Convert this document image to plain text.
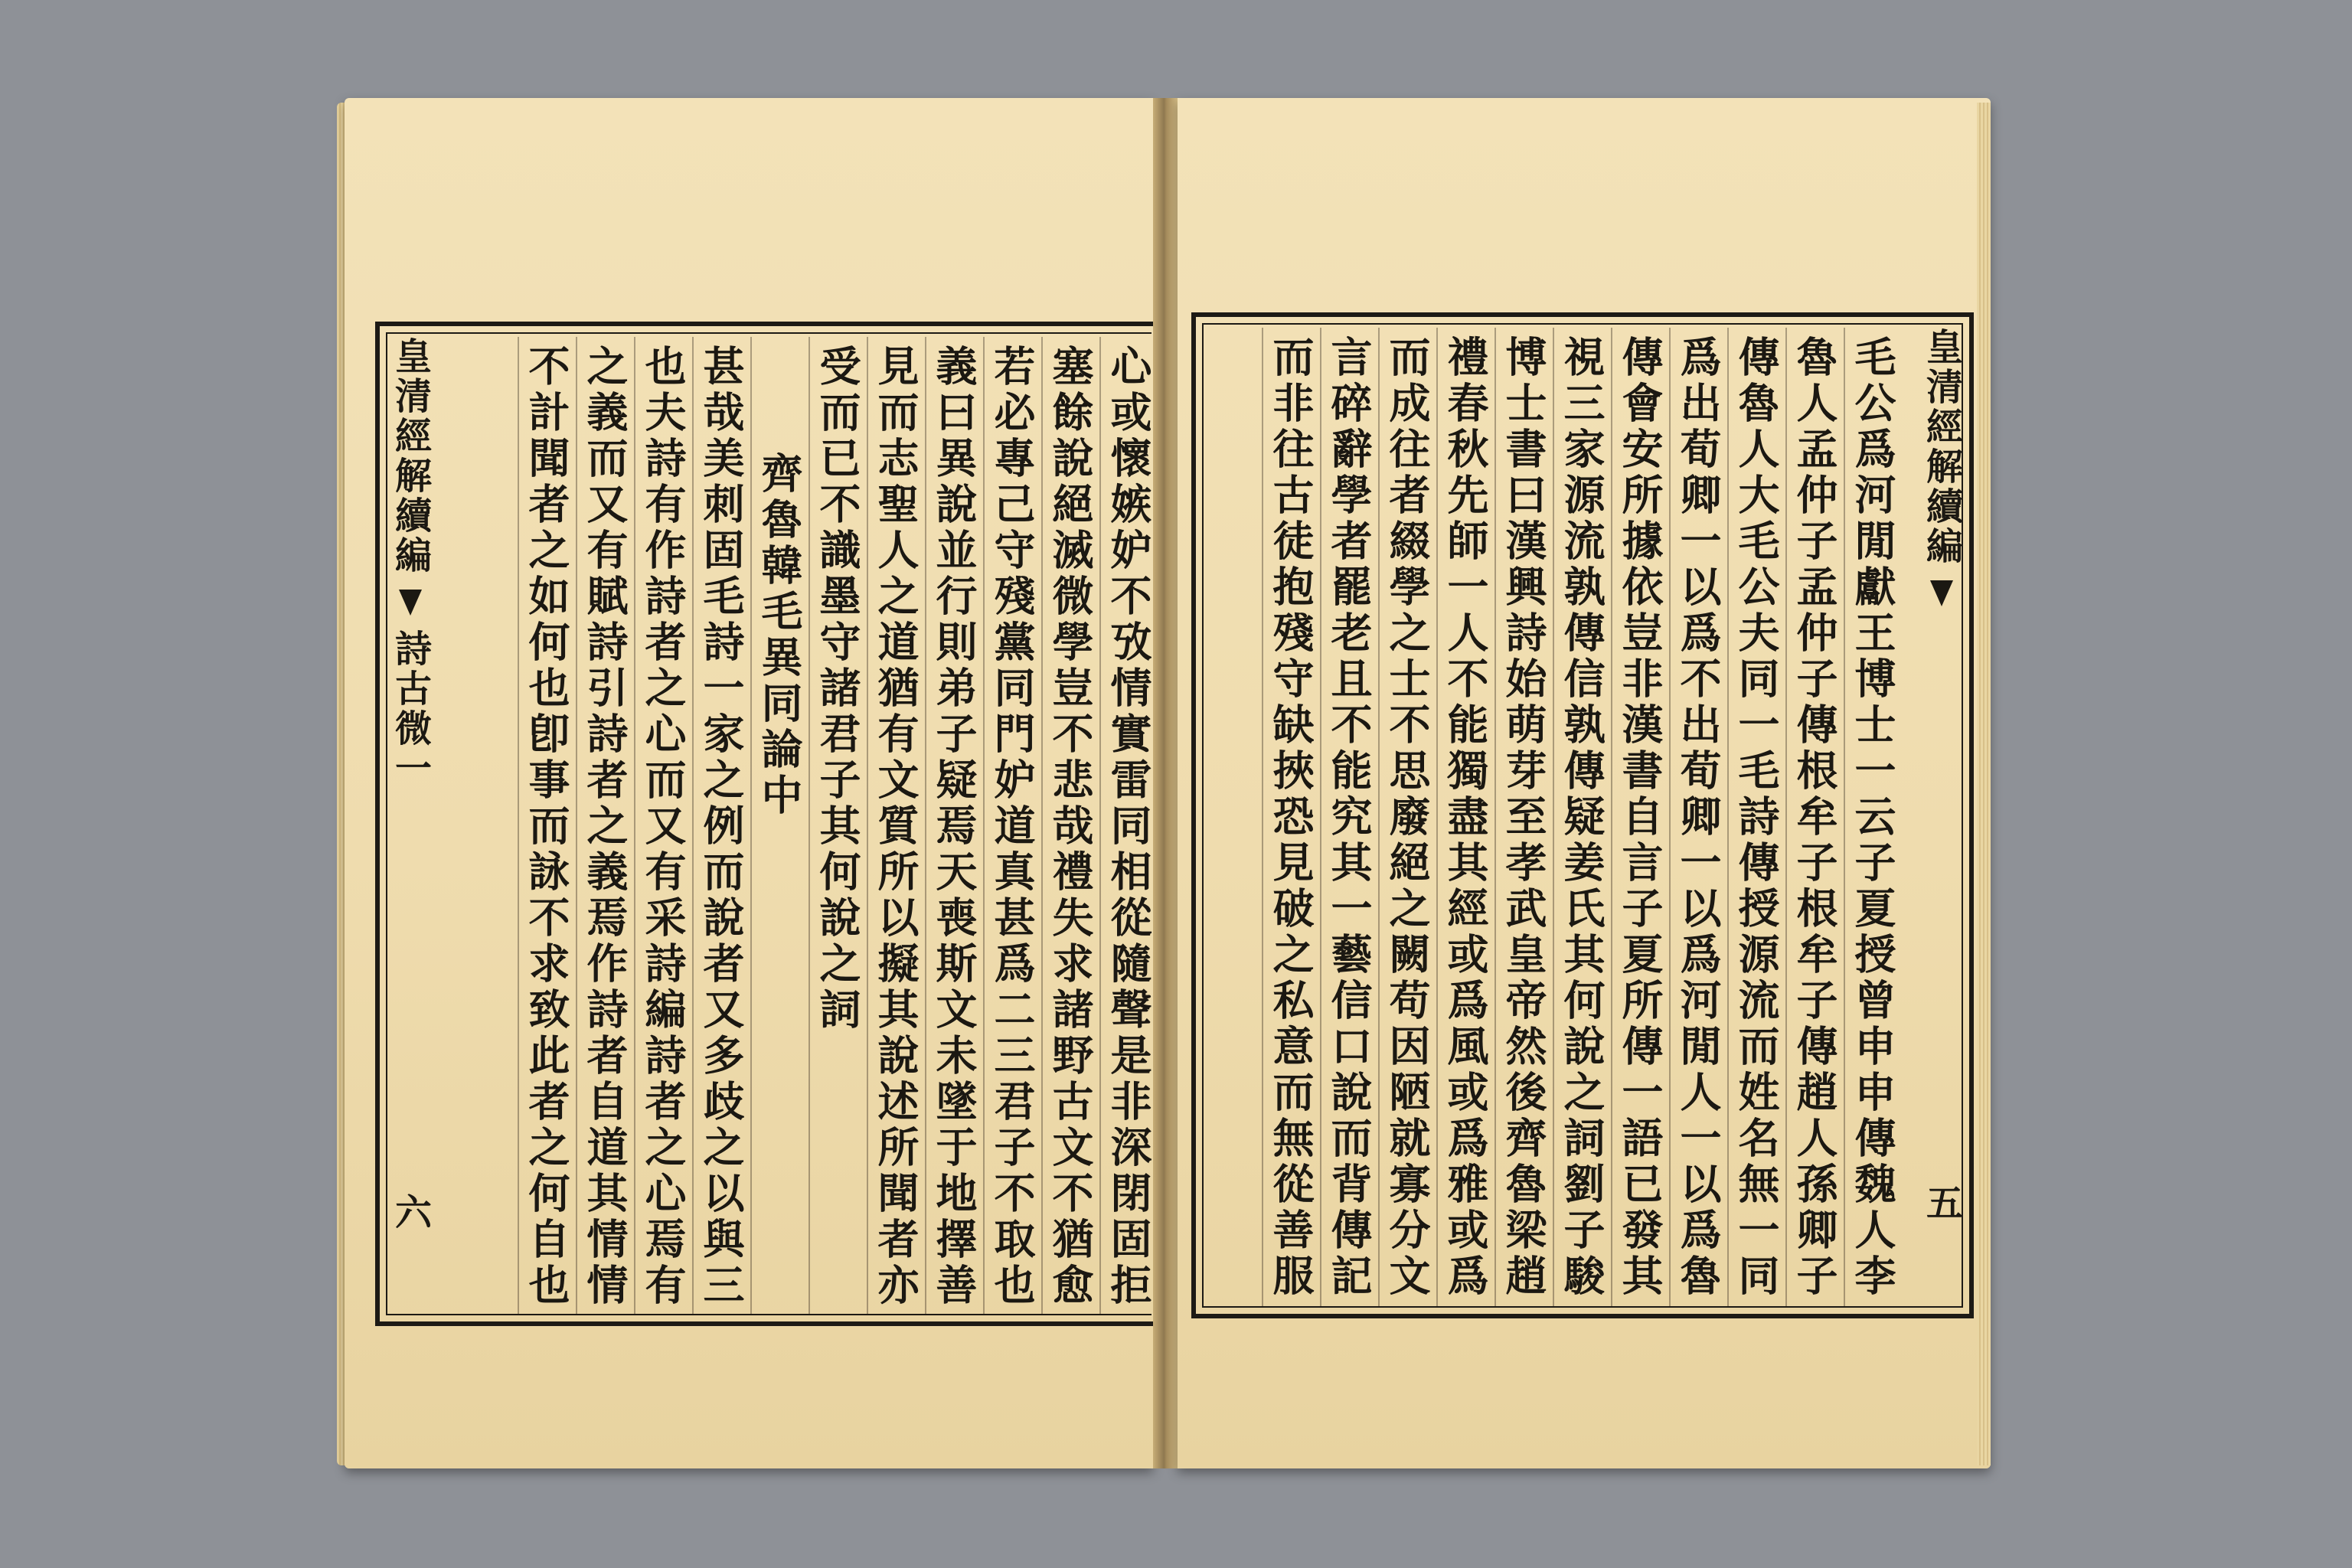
皇清經解續編
詩古微一
六
心或懷嫉妒不攷情實雷同相從隨聲是非深閉固拒
塞餘說絕滅微學豈不悲哉禮失求諸野古文不猶愈
若必專己守殘黨同門妒道真甚爲二三君子不取也
義曰異說並行則弟子疑焉天喪斯文未墜于地擇善
見而志聖人之道猶有文質所以擬其說述所聞者亦
受而已不識墨守諸君子其何說之詞
齊魯韓毛異同論中
甚哉美刺固毛詩一家之例而說者又多歧之以與三
也夫詩有作詩者之心而又有采詩編詩者之心焉有
之義而又有賦詩引詩者之義焉作詩者自道其情情
不計聞者之如何也卽事而詠不求致此者之何自也
毛公爲河閒獻王博士一云子夏授曾申申傳魏人李
魯人孟仲子孟仲子傳根牟子根牟子傳趙人孫卿子
傳魯人大毛公夫同一毛詩傳授源流而姓名無一同
爲出荀卿一以爲不出荀卿一以爲河閒人一以爲魯
傳會安所據依豈非漢書自言子夏所傳一語已發其
視三家源流孰傳信孰傳疑姜氏其何說之詞劉子駿
博士書曰漢興詩始萌芽至孝武皇帝然後齊魯梁趙
禮春秋先師一人不能獨盡其經或爲風或爲雅或爲
而成往者綴學之士不思廢絕之闕苟因陋就寡分文
言碎辭學者罷老且不能究其一藝信口說而背傳記
而非往古徒抱殘守缺挾恐見破之私意而無從善服
皇清經解續編
五
